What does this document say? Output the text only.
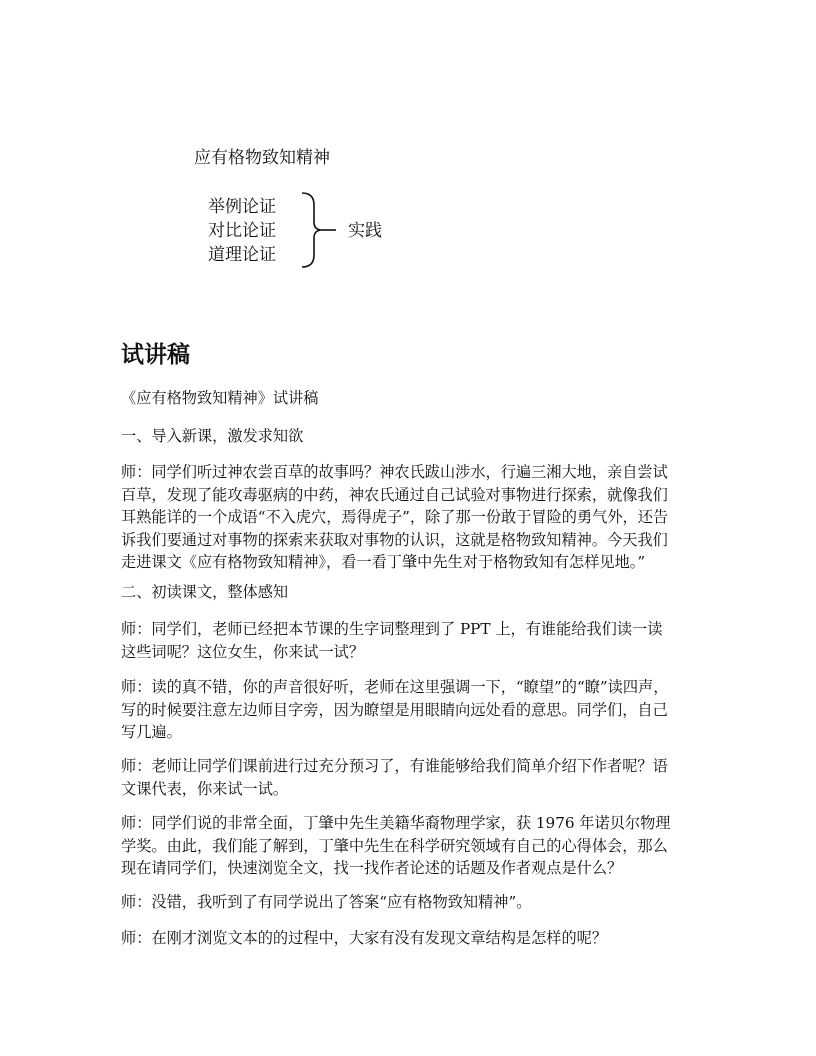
应有格物致知精神
举例论证
对比论证
道理论证
实践
试讲稿
《应有格物致知精神》试讲稿
一、导入新课，激发求知欲
师：同学们听过神农尝百草的故事吗？神农氏跋山涉水，行遍三湘大地，亲自尝试
百草，发现了能攻毒驱病的中药，神农氏通过自己试验对事物进行探索，就像我们
耳熟能详的一个成语“不入虎穴，焉得虎子”，除了那一份敢于冒险的勇气外，还告
诉我们要通过对事物的探索来获取对事物的认识，这就是格物致知精神。今天我们
走进课文《应有格物致知精神》，看一看丁肇中先生对于格物致知有怎样见地。”
二、初读课文，整体感知
师：同学们，老师已经把本节课的生字词整理到了 PPT 上，有谁能给我们读一读
这些词呢？这位女生，你来试一试？
师：读的真不错，你的声音很好听，老师在这里强调一下，“瞭望”的“瞭”读四声，
写的时候要注意左边师目字旁，因为瞭望是用眼睛向远处看的意思。同学们，自己
写几遍。
师：老师让同学们课前进行过充分预习了，有谁能够给我们简单介绍下作者呢？语
文课代表，你来试一试。
师：同学们说的非常全面，丁肇中先生美籍华裔物理学家，获 1976 年诺贝尔物理
学奖。由此，我们能了解到，丁肇中先生在科学研究领域有自己的心得体会，那么
现在请同学们，快速浏览全文，找一找作者论述的话题及作者观点是什么？
师：没错，我听到了有同学说出了答案“应有格物致知精神”。
师：在刚才浏览文本的的过程中，大家有没有发现文章结构是怎样的呢？
